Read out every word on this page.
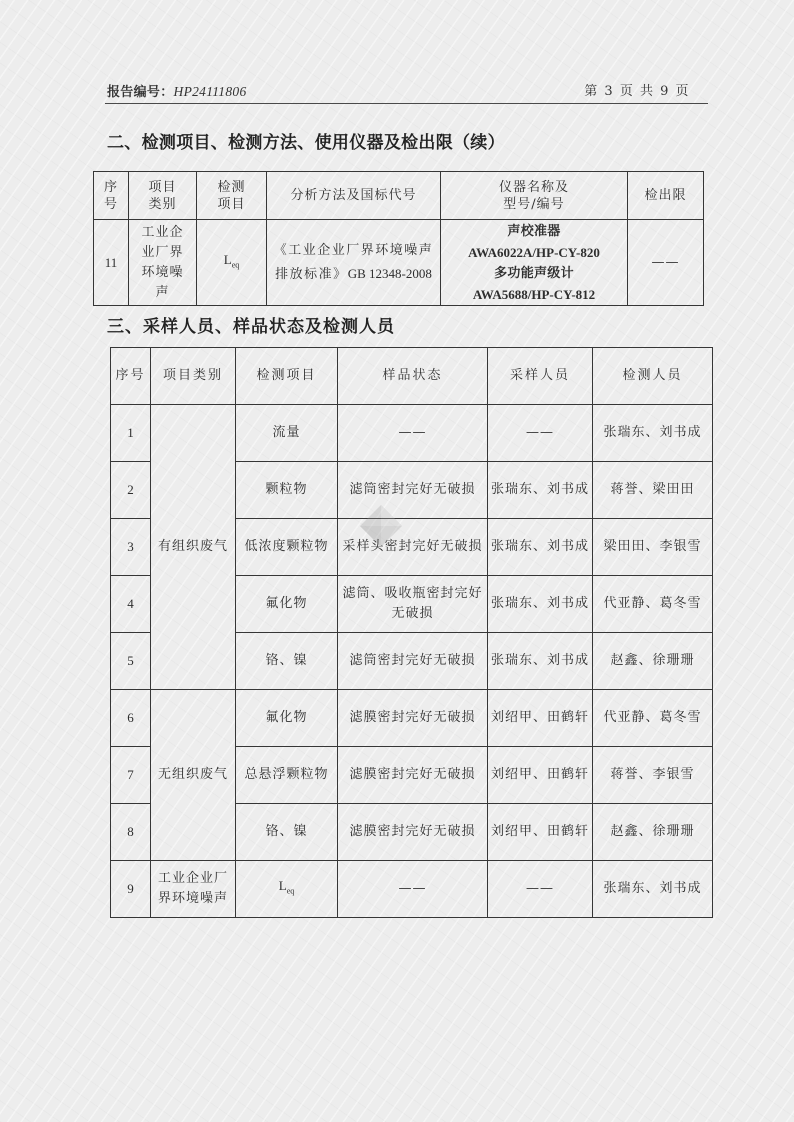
报告编号：HP24111806	第 3 页 共 9 页
二、检测项目、检测方法、使用仪器及检出限（续）
序号	项目类别	检测项目	分析方法及国标代号	仪器名称及型号/编号	检出限
11	工业企业厂界环境噪声	$L_{eq}$	《工业企业厂界环境噪声排放标准》GB 12348-2008	声校准器
AWA6022A/HP-CY-820
多功能声级计
AWA5688/HP-CY-812	——
三、采样人员、样品状态及检测人员
序号	项目类别	检测项目	样品状态	采样人员	检测人员
1	有组织废气	流量	——	——	张瑞东、刘书成
2		颗粒物	滤筒密封完好无破损	张瑞东、刘书成	蒋誉、梁田田
3		低浓度颗粒物	采样头密封完好无破损	张瑞东、刘书成	梁田田、李银雪
4		氟化物	滤筒、吸收瓶密封完好无破损	张瑞东、刘书成	代亚静、葛冬雪
5		铬、镍	滤筒密封完好无破损	张瑞东、刘书成	赵鑫、徐珊珊
6	无组织废气	氟化物	滤膜密封完好无破损	刘绍甲、田鹤轩	代亚静、葛冬雪
7		总悬浮颗粒物	滤膜密封完好无破损	刘绍甲、田鹤轩	蒋誉、李银雪
8		铬、镍	滤膜密封完好无破损	刘绍甲、田鹤轩	赵鑫、徐珊珊
9	工业企业厂界环境噪声	$L_{eq}$	——	——	张瑞东、刘书成
